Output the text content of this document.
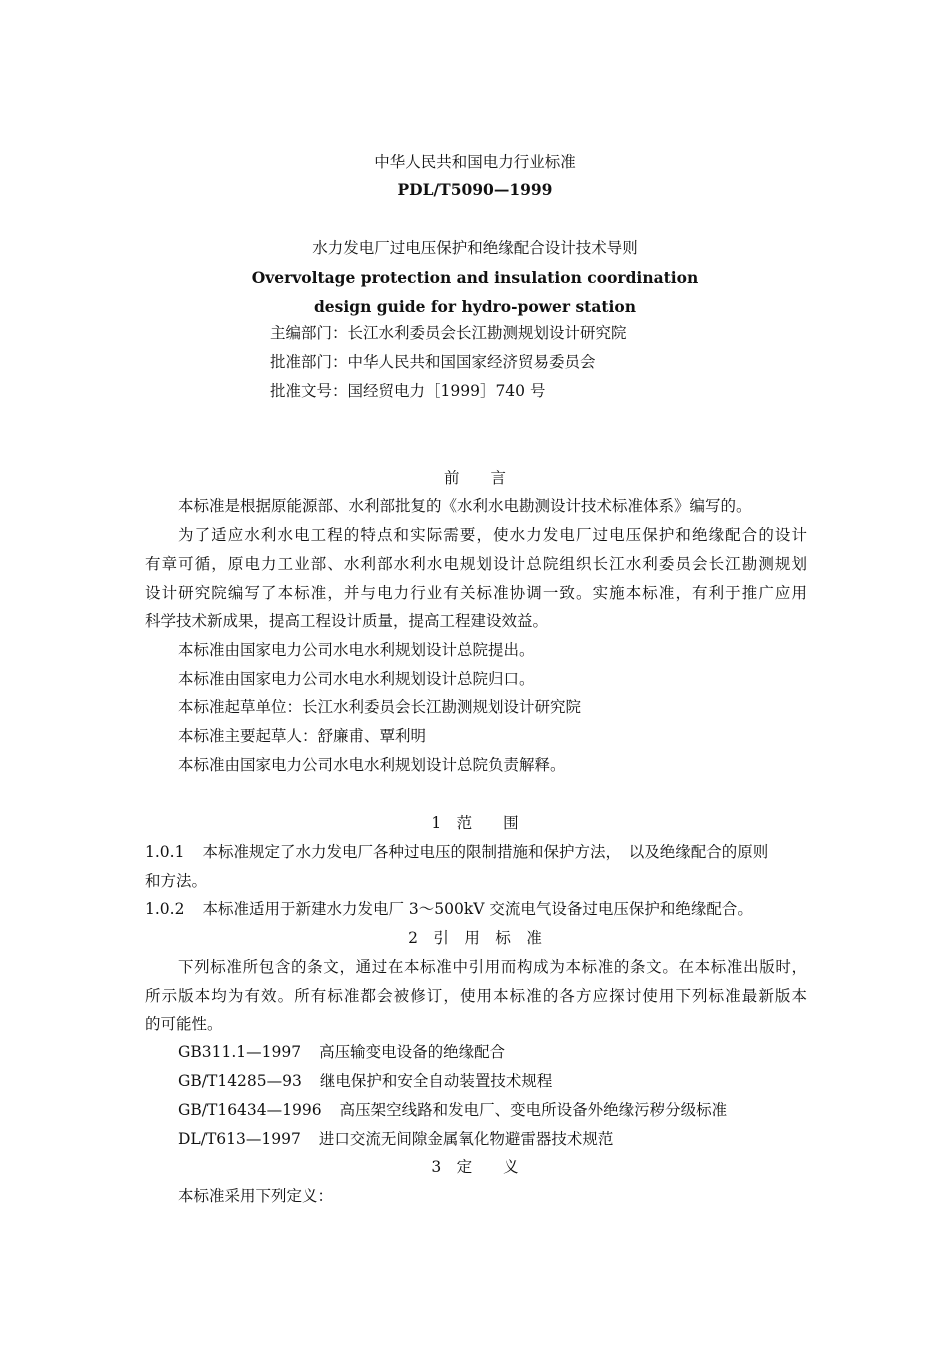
中华人民共和国电力行业标准
PDL/T5090—1999
水力发电厂过电压保护和绝缘配合设计技术导则
Overvoltage protection and insulation coordination
design guide for hydro-power station
主编部门：长江水利委员会长江勘测规划设计研究院
批准部门：中华人民共和国国家经济贸易委员会
批准文号：国经贸电力［1999］740 号
前　　言
本标准是根据原能源部、水利部批复的《水利水电勘测设计技术标准体系》编写的。
为了适应水利水电工程的特点和实际需要，使水力发电厂过电压保护和绝缘配合的设计
有章可循，原电力工业部、水利部水利水电规划设计总院组织长江水利委员会长江勘测规划
设计研究院编写了本标准，并与电力行业有关标准协调一致。实施本标准，有利于推广应用
科学技术新成果，提高工程设计质量，提高工程建设效益。
本标准由国家电力公司水电水利规划设计总院提出。
本标准由国家电力公司水电水利规划设计总院归口。
本标准起草单位：长江水利委员会长江勘测规划设计研究院
本标准主要起草人：舒廉甫、覃利明
本标准由国家电力公司水电水利规划设计总院负责解释。
1　范　　围
1.0.1 本标准规定了水力发电厂各种过电压的限制措施和保护方法，　以及绝缘配合的原则
和方法。
1.0.2 本标准适用于新建水力发电厂 3～500kV 交流电气设备过电压保护和绝缘配合。
2　引　用　标　准
下列标准所包含的条文，通过在本标准中引用而构成为本标准的条文。在本标准出版时，
所示版本均为有效。所有标准都会被修订，使用本标准的各方应探讨使用下列标准最新版本
的可能性。
GB311.1—1997 高压输变电设备的绝缘配合
GB/T14285—93 继电保护和安全自动装置技术规程
GB/T16434—1996 高压架空线路和发电厂、变电所设备外绝缘污秽分级标准
DL/T613—1997 进口交流无间隙金属氧化物避雷器技术规范
3　定　　义
本标准采用下列定义：
